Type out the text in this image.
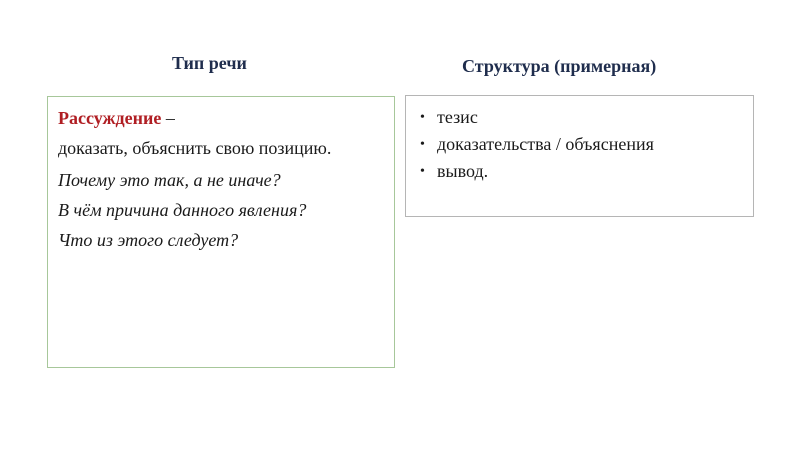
Тип речи	Структура (примерная)

Рассуждение –

доказать, объяснить свою позицию.

Почему это так, а не иначе?

В чём причина данного явления?

Что из этого следует?

• тезис
• доказательства / объяснения
• вывод.
